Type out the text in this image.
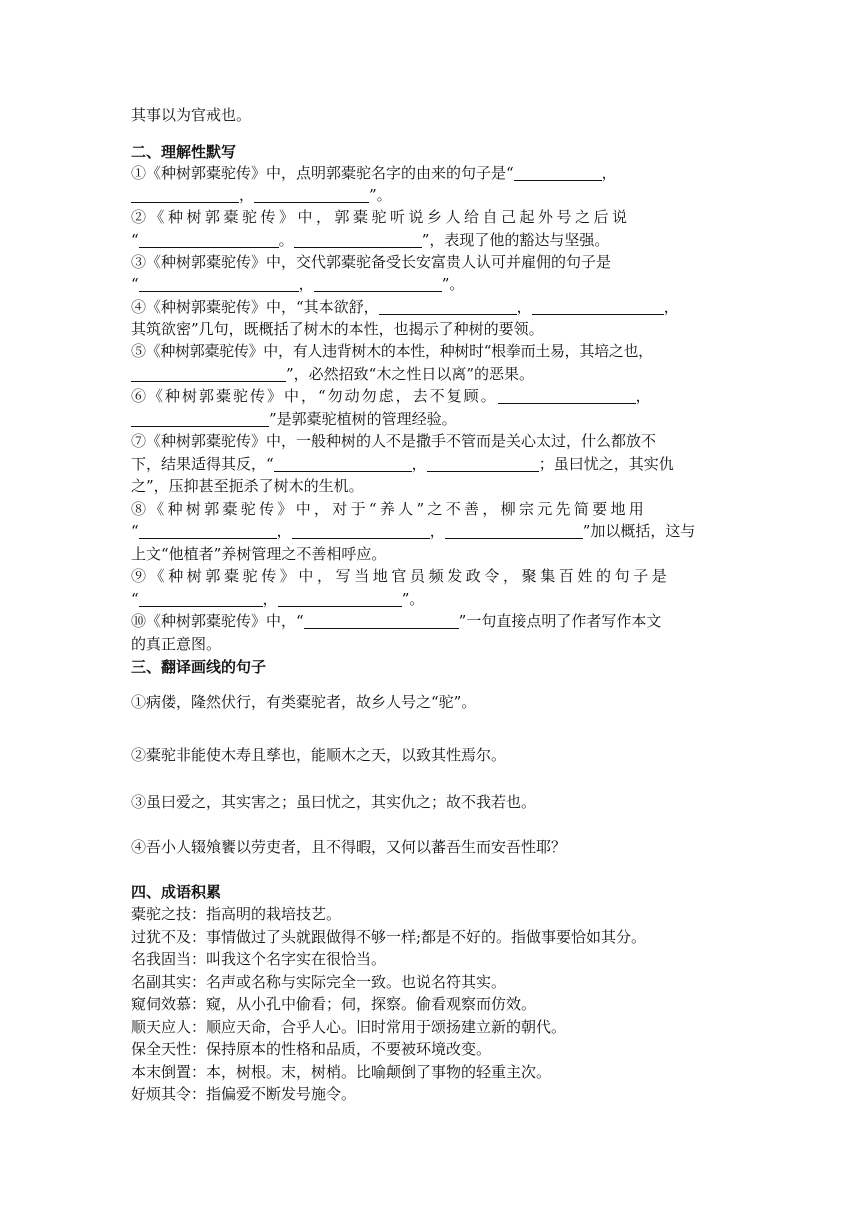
其事以为官戒也。
二、理解性默写
①《种树郭橐驼传》中，点明郭橐驼名字的由来的句子是“	，
，	”。
②《种树郭橐驼传》中，郭橐驼听说乡人给自己起外号之后说
“	。	”，表现了他的豁达与坚强。
③《种树郭橐驼传》中，交代郭橐驼备受长安富贵人认可并雇佣的句子是
“	，	”。
④《种树郭橐驼传》中，“其本欲舒，	，	，
其筑欲密”几句，既概括了树木的本性，也揭示了种树的要领。
⑤《种树郭橐驼传》中，有人违背树木的本性，种树时“根拳而土易，其培之也，
”，必然招致“木之性日以离”的恶果。
⑥《种树郭橐驼传》中，“勿动勿虑，去不复顾。	，
”是郭橐驼植树的管理经验。
⑦《种树郭橐驼传》中，一般种树的人不是撒手不管而是关心太过，什么都放不
下，结果适得其反，“	，	；虽曰忧之，其实仇
之”，压抑甚至扼杀了树木的生机。
⑧《种树郭橐驼传》中，对于“养人”之不善，柳宗元先简要地用
“	，	，	”加以概括，这与
上文“他植者”养树管理之不善相呼应。
⑨《种树郭橐驼传》中，写当地官员频发政令，聚集百姓的句子是
“	，	”。
⑩《种树郭橐驼传》中，“	”一句直接点明了作者写作本文
的真正意图。
三、翻译画线的句子
①病偻，隆然伏行，有类橐驼者，故乡人号之“驼”。
②橐驼非能使木寿且孳也，能顺木之天，以致其性焉尔。
③虽曰爱之，其实害之；虽曰忧之，其实仇之；故不我若也。
④吾小人辍飧饔以劳吏者，且不得暇，又何以蕃吾生而安吾性耶？
四、成语积累
橐驼之技：指高明的栽培技艺。
过犹不及：事情做过了头就跟做得不够一样;都是不好的。指做事要恰如其分。
名我固当：叫我这个名字实在很恰当。
名副其实：名声或名称与实际完全一致。也说名符其实。
窥伺效慕：窥，从小孔中偷看；伺，探察。偷看观察而仿效。
顺天应人：顺应天命，合乎人心。旧时常用于颂扬建立新的朝代。
保全天性：保持原本的性格和品质，不要被环境改变。
本末倒置：本，树根。末，树梢。比喻颠倒了事物的轻重主次。
好烦其令：指偏爱不断发号施令。
